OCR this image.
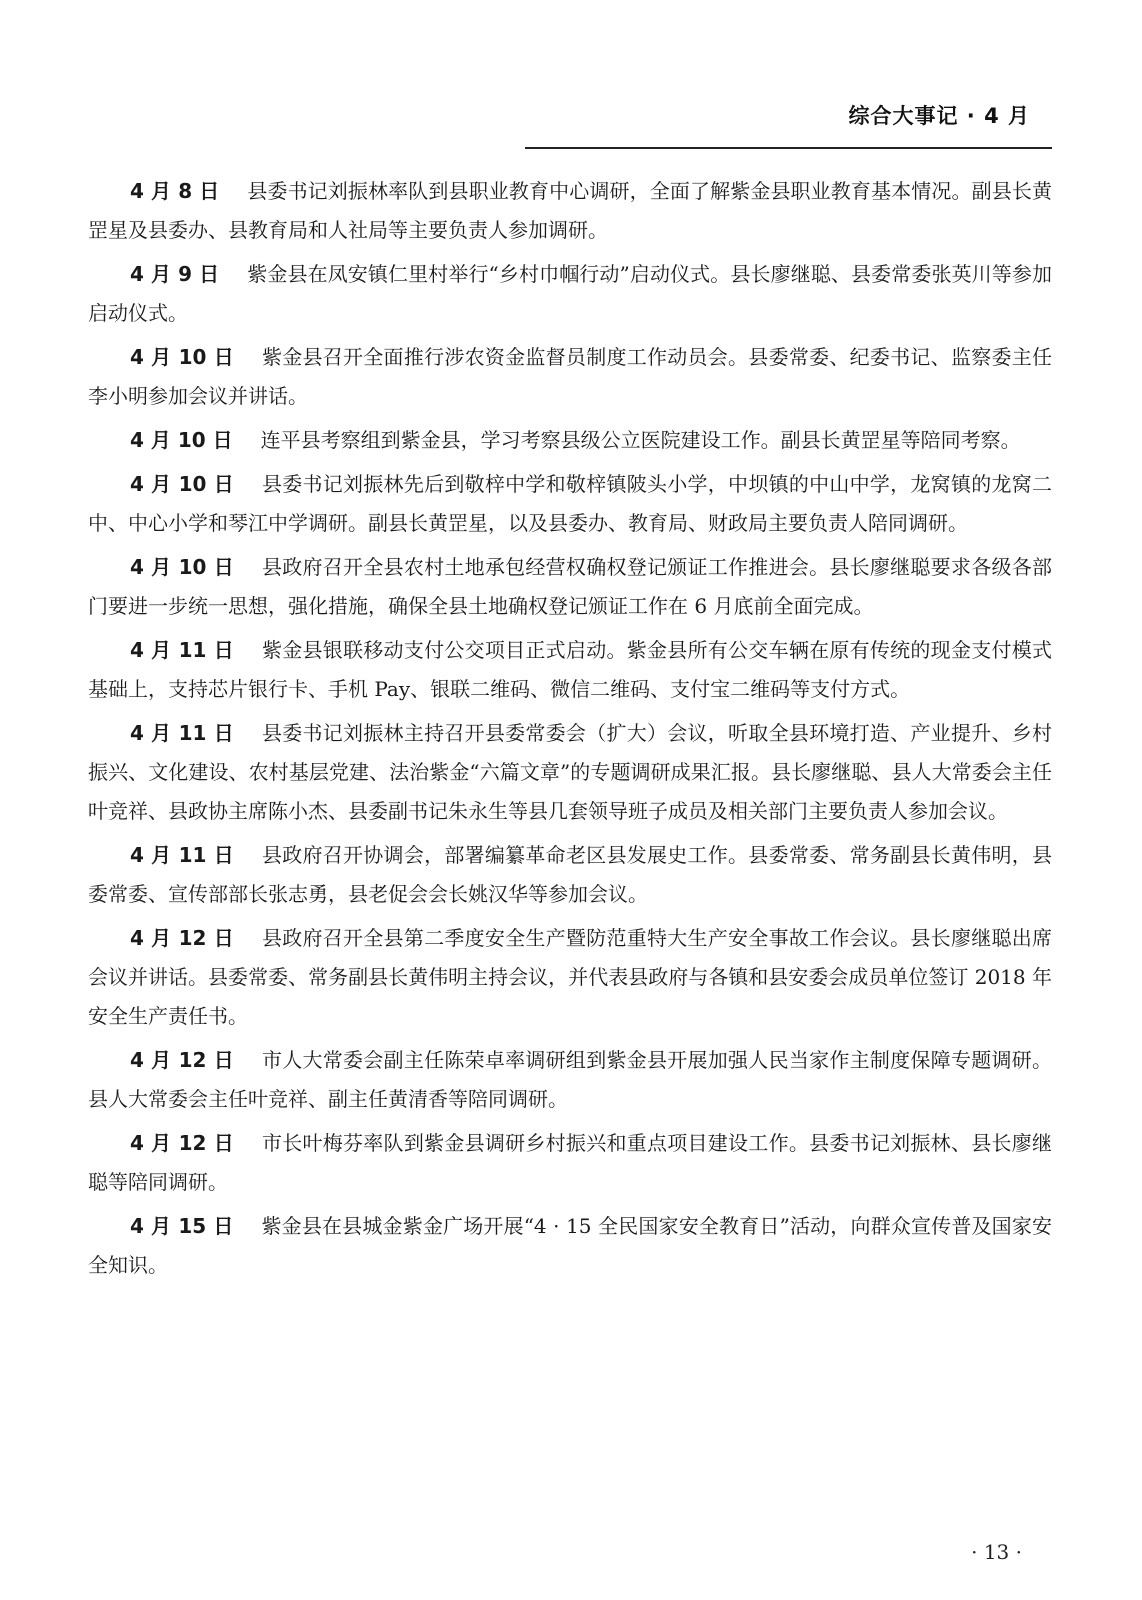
综合大事记 · 4 月

4 月 8 日 县委书记刘振林率队到县职业教育中心调研，全面了解紫金县职业教育基本情况。副县长黄罡星及县委办、县教育局和人社局等主要负责人参加调研。

4 月 9 日 紫金县在凤安镇仁里村举行“乡村巾帼行动”启动仪式。县长廖继聪、县委常委张英川等参加启动仪式。

4 月 10 日 紫金县召开全面推行涉农资金监督员制度工作动员会。县委常委、纪委书记、监察委主任李小明参加会议并讲话。

4 月 10 日 连平县考察组到紫金县，学习考察县级公立医院建设工作。副县长黄罡星等陪同考察。

4 月 10 日 县委书记刘振林先后到敬梓中学和敬梓镇陂头小学，中坝镇的中山中学，龙窝镇的龙窝二中、中心小学和琴江中学调研。副县长黄罡星，以及县委办、教育局、财政局主要负责人陪同调研。

4 月 10 日 县政府召开全县农村土地承包经营权确权登记颁证工作推进会。县长廖继聪要求各级各部门要进一步统一思想，强化措施，确保全县土地确权登记颁证工作在 6 月底前全面完成。

4 月 11 日 紫金县银联移动支付公交项目正式启动。紫金县所有公交车辆在原有传统的现金支付模式基础上，支持芯片银行卡、手机 Pay、银联二维码、微信二维码、支付宝二维码等支付方式。

4 月 11 日 县委书记刘振林主持召开县委常委会（扩大）会议，听取全县环境打造、产业提升、乡村振兴、文化建设、农村基层党建、法治紫金“六篇文章”的专题调研成果汇报。县长廖继聪、县人大常委会主任叶竞祥、县政协主席陈小杰、县委副书记朱永生等县几套领导班子成员及相关部门主要负责人参加会议。

4 月 11 日 县政府召开协调会，部署编纂革命老区县发展史工作。县委常委、常务副县长黄伟明，县委常委、宣传部部长张志勇，县老促会会长姚汉华等参加会议。

4 月 12 日 县政府召开全县第二季度安全生产暨防范重特大生产安全事故工作会议。县长廖继聪出席会议并讲话。县委常委、常务副县长黄伟明主持会议，并代表县政府与各镇和县安委会成员单位签订 2018 年安全生产责任书。

4 月 12 日 市人大常委会副主任陈荣卓率调研组到紫金县开展加强人民当家作主制度保障专题调研。县人大常委会主任叶竞祥、副主任黄清香等陪同调研。

4 月 12 日 市长叶梅芬率队到紫金县调研乡村振兴和重点项目建设工作。县委书记刘振林、县长廖继聪等陪同调研。

4 月 15 日 紫金县在县城金紫金广场开展“4 · 15 全民国家安全教育日”活动，向群众宣传普及国家安全知识。

· 13 ·
